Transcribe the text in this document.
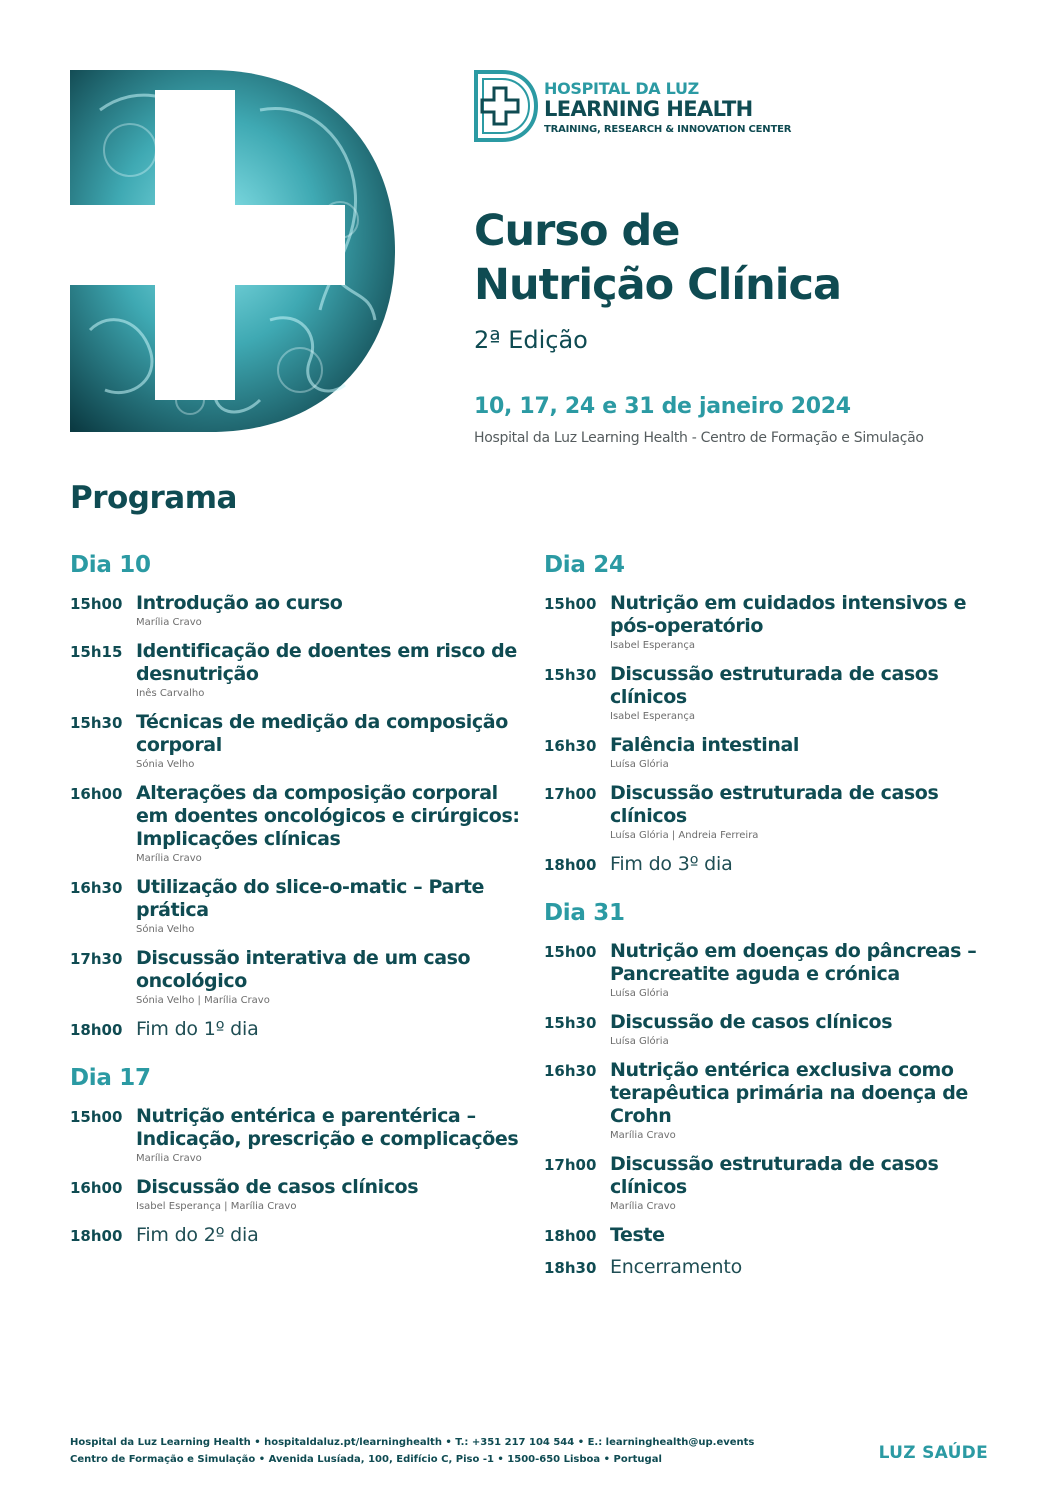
HOSPITAL DA LUZ
LEARNING HEALTH
TRAINING, RESEARCH & INNOVATION CENTER
Curso de
Nutrição Clínica
2ª Edição
10, 17, 24 e 31 de janeiro 2024
Hospital da Luz Learning Health - Centro de Formação e Simulação
Programa
Dia 10
15h00 Introdução ao curso
Marília Cravo
15h15 Identificação de doentes em risco de desnutrição
Inês Carvalho
15h30 Técnicas de medição da composição corporal
Sónia Velho
16h00 Alterações da composição corporal em doentes oncológicos e cirúrgicos: Implicações clínicas
Marília Cravo
16h30 Utilização do slice-o-matic – Parte prática
Sónia Velho
17h30 Discussão interativa de um caso oncológico
Sónia Velho | Marília Cravo
18h00 Fim do 1º dia
Dia 17
15h00 Nutrição entérica e parentérica – Indicação, prescrição e complicações
Marília Cravo
16h00 Discussão de casos clínicos
Isabel Esperança | Marília Cravo
18h00 Fim do 2º dia
Dia 24
15h00 Nutrição em cuidados intensivos e pós-operatório
Isabel Esperança
15h30 Discussão estruturada de casos clínicos
Isabel Esperança
16h30 Falência intestinal
Luísa Glória
17h00 Discussão estruturada de casos clínicos
Luísa Glória | Andreia Ferreira
18h00 Fim do 3º dia
Dia 31
15h00 Nutrição em doenças do pâncreas – Pancreatite aguda e crónica
Luísa Glória
15h30 Discussão de casos clínicos
Luísa Glória
16h30 Nutrição entérica exclusiva como terapêutica primária na doença de Crohn
Marília Cravo
17h00 Discussão estruturada de casos clínicos
Marília Cravo
18h00 Teste
18h30 Encerramento
Hospital da Luz Learning Health • hospitaldaluz.pt/learninghealth • T.: +351 217 104 544 • E.: learninghealth@up.events
Centro de Formação e Simulação • Avenida Lusíada, 100, Edifício C, Piso -1 • 1500-650 Lisboa • Portugal	LUZ SAÚDE
